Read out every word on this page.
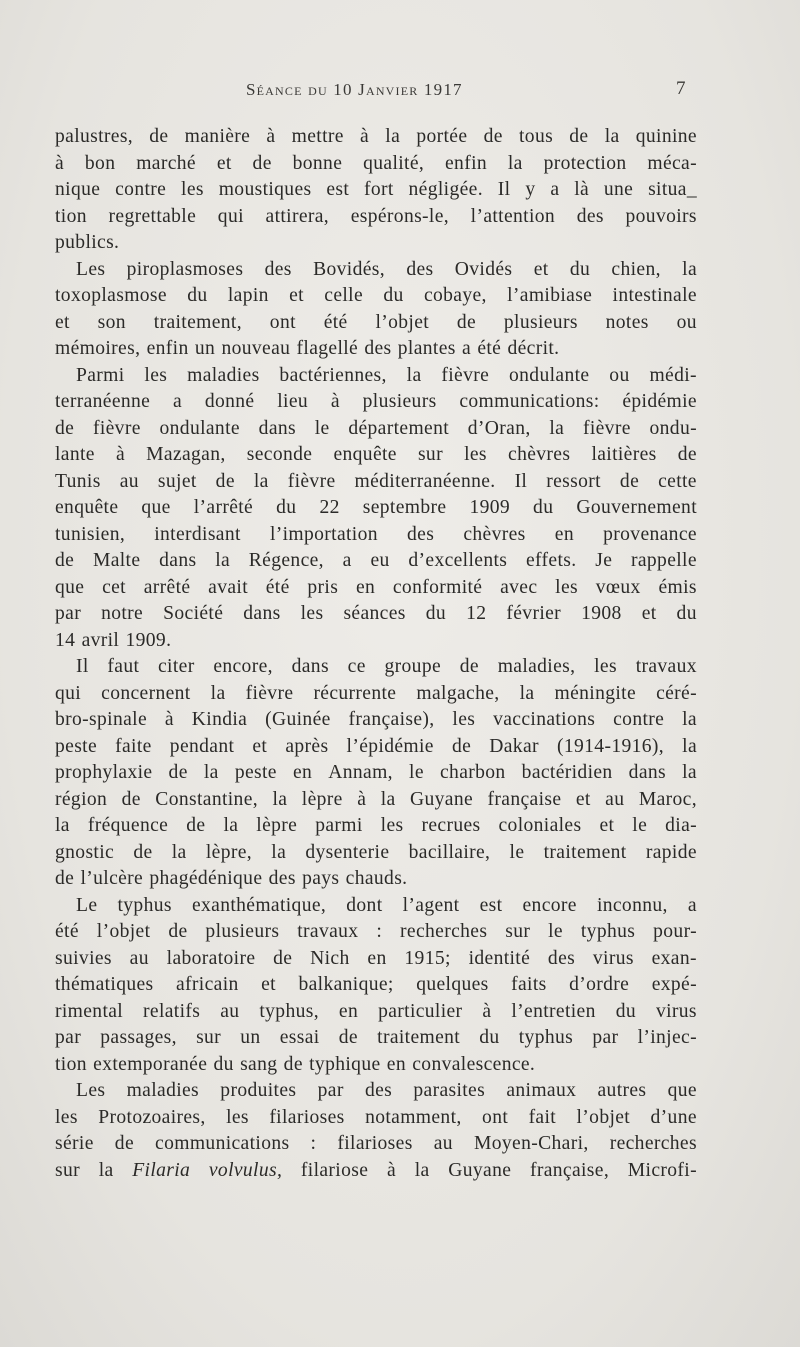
Séance du 10 Janvier 1917	7
palustres, de manière à mettre à la portée de tous de la quinine
à bon marché et de bonne qualité, enfin la protection méca-
nique contre les moustiques est fort négligée. Il y a là une situa_
tion regrettable qui attirera, espérons-le, l’attention des pouvoirs
publics.
Les piroplasmoses des Bovidés, des Ovidés et du chien, la
toxoplasmose du lapin et celle du cobaye, l’amibiase intestinale
et son traitement, ont été l’objet de plusieurs notes ou
mémoires, enfin un nouveau flagellé des plantes a été décrit.
Parmi les maladies bactériennes, la fièvre ondulante ou médi-
terranéenne a donné lieu à plusieurs communications: épidémie
de fièvre ondulante dans le département d’Oran, la fièvre ondu-
lante à Mazagan, seconde enquête sur les chèvres laitières de
Tunis au sujet de la fièvre méditerranéenne. Il ressort de cette
enquête que l’arrêté du 22 septembre 1909 du Gouvernement
tunisien, interdisant l’importation des chèvres en provenance
de Malte dans la Régence, a eu d’excellents effets. Je rappelle
que cet arrêté avait été pris en conformité avec les vœux émis
par notre Société dans les séances du 12 février 1908 et du
14 avril 1909.
Il faut citer encore, dans ce groupe de maladies, les travaux
qui concernent la fièvre récurrente malgache, la méningite céré-
bro-spinale à Kindia (Guinée française), les vaccinations contre la
peste faite pendant et après l’épidémie de Dakar (1914-1916), la
prophylaxie de la peste en Annam, le charbon bactéridien dans la
région de Constantine, la lèpre à la Guyane française et au Maroc,
la fréquence de la lèpre parmi les recrues coloniales et le dia-
gnostic de la lèpre, la dysenterie bacillaire, le traitement rapide
de l’ulcère phagédénique des pays chauds.
Le typhus exanthématique, dont l’agent est encore inconnu, a
été l’objet de plusieurs travaux : recherches sur le typhus pour-
suivies au laboratoire de Nich en 1915; identité des virus exan-
thématiques africain et balkanique; quelques faits d’ordre expé-
rimental relatifs au typhus, en particulier à l’entretien du virus
par passages, sur un essai de traitement du typhus par l’injec-
tion extemporanée du sang de typhique en convalescence.
Les maladies produites par des parasites animaux autres que
les Protozoaires, les filarioses notamment, ont fait l’objet d’une
série de communications : filarioses au Moyen-Chari, recherches
sur la Filaria volvulus, filariose à la Guyane française, Microfi-
